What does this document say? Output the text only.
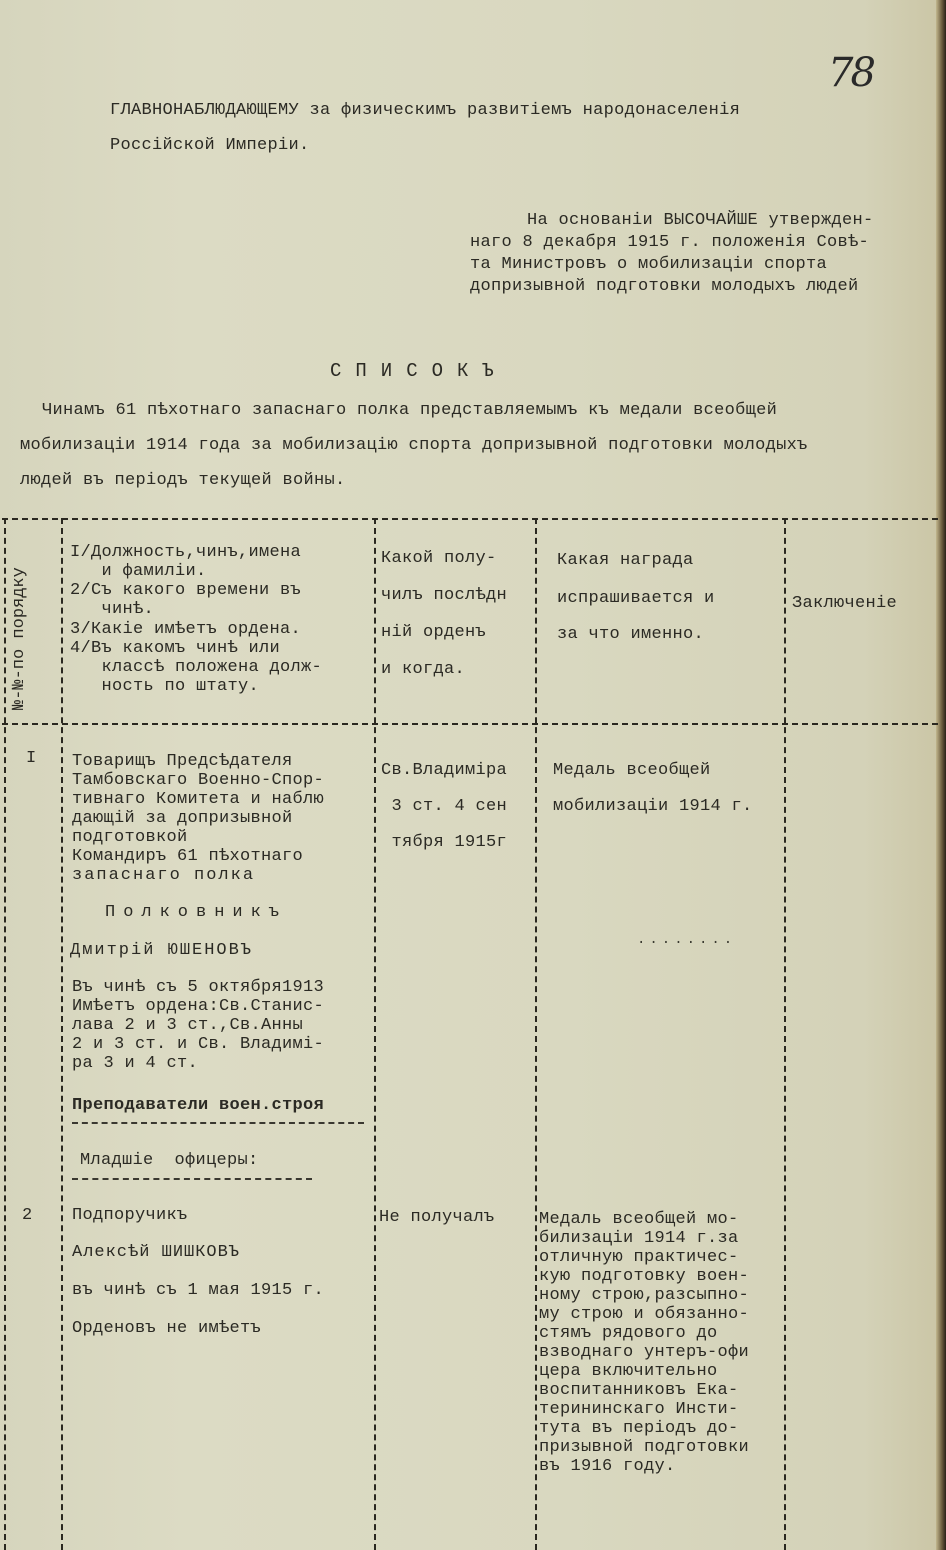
78
ГЛАВНОНАБЛЮДАЮЩЕМУ за физическимъ развитіемъ народонаселенія
Россійской Имперіи.
На основаніи ВЫСОЧАЙШЕ утвержден-
наго 8 декабря 1915 г. положенія Совѣ-
та Министровъ о мобилизаціи спорта
допризывной подготовки молодыхъ людей
СПИСОКЪ
Чинамъ 61 пѣхотнаго запаснаго полка представляемымъ къ медали всеобщей
мобилизаціи 1914 года за мобилизацію спорта допризывной подготовки молодыхъ
людей въ періодъ текущей войны.
№-№-по порядку
I/Должность,чинъ,имена
и фамиліи.
2/Съ какого времени въ
чинѣ.
3/Какіе имѣетъ ордена.
4/Въ какомъ чинѣ или
классѣ положена долж-
ность по штату.
Какой полу-
чилъ послѣдн
ній орденъ
и когда.
Какая награда
испрашивается и
за что именно.
Заключеніе
I Товарищъ Предсѣдателя
Тамбовскаго Военно-Спор-
тивнаго Комитета и наблю
дающій за допризывной
подготовкой
Командиръ 61 пѣхотнаго
запаснаго полка
Полковникъ
Дмитрій ЮШЕНОВЪ
Въ чинѣ съ 5 октября1913
Имѣетъ ордена:Св.Станис-
лава 2 и 3 ст.,Св.Анны
2 и 3 ст. и Св. Владимі-
ра 3 и 4 ст.
Св.Владиміра
3 ст. 4 сен
тября 1915г
Медаль всеобщей
мобилизаціи 1914 г.
........
Преподаватели воен.строя
Младшіе  офицеры:
2 Подпоручикъ
Алексѣй ШИШКОВЪ
въ чинѣ съ 1 мая 1915 г.
Орденовъ не имѣетъ
Не получалъ	Медаль всеобщей мо-
билизаціи 1914 г.за
отличную практичес-
кую подготовку воен-
ному строю,разсыпно-
му строю и обязанно-
стямъ рядового до
взводнаго унтеръ-офи
цера включительно
воспитанниковъ Ека-
терининскаго Инсти-
тута въ періодъ до-
призывной подготовки
въ 1916 году.
